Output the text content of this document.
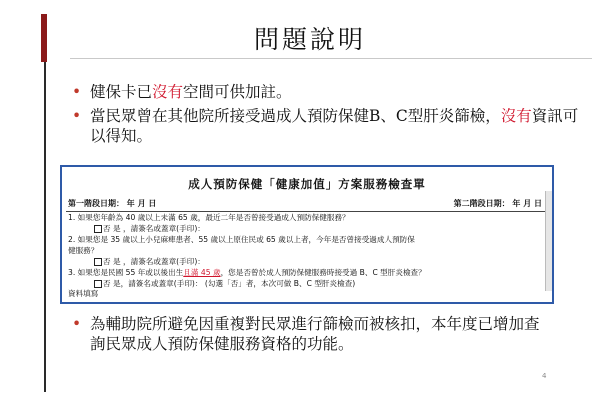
問題說明
• 健保卡已沒有空間可供加註。
• 當民眾曾在其他院所接受過成人預防保健B、C型肝炎篩檢，沒有資訊可以得知。
成人預防保健「健康加值」方案服務檢查單
第一階段日期： 年 月 日	第二階段日期： 年 月 日
1. 如果您年齡為 40 歲以上未滿 65 歲，最近二年是否曾接受過成人預防保健服務？
否 是 ，請簽名或蓋章(手印)：
2. 如果您是 35 歲以上小兒麻痺患者、55 歲以上原住民或 65 歲以上者，今年是否曾接受過成人預防保
健服務？
否 是 ，請簽名或蓋章(手印)：
3. 如果您是民國 55 年或以後出生且滿 45 歲，您是否曾於成人預防保健服務時接受過 B、C 型肝炎檢查？
否 是，請簽名或蓋章(手印)： (勾選「否」者，本次可做 B、C 型肝炎檢查)
資料填寫
• 為輔助院所避免因重複對民眾進行篩檢而被核扣，本年度已增加查詢民眾成人預防保健服務資格的功能。
4
